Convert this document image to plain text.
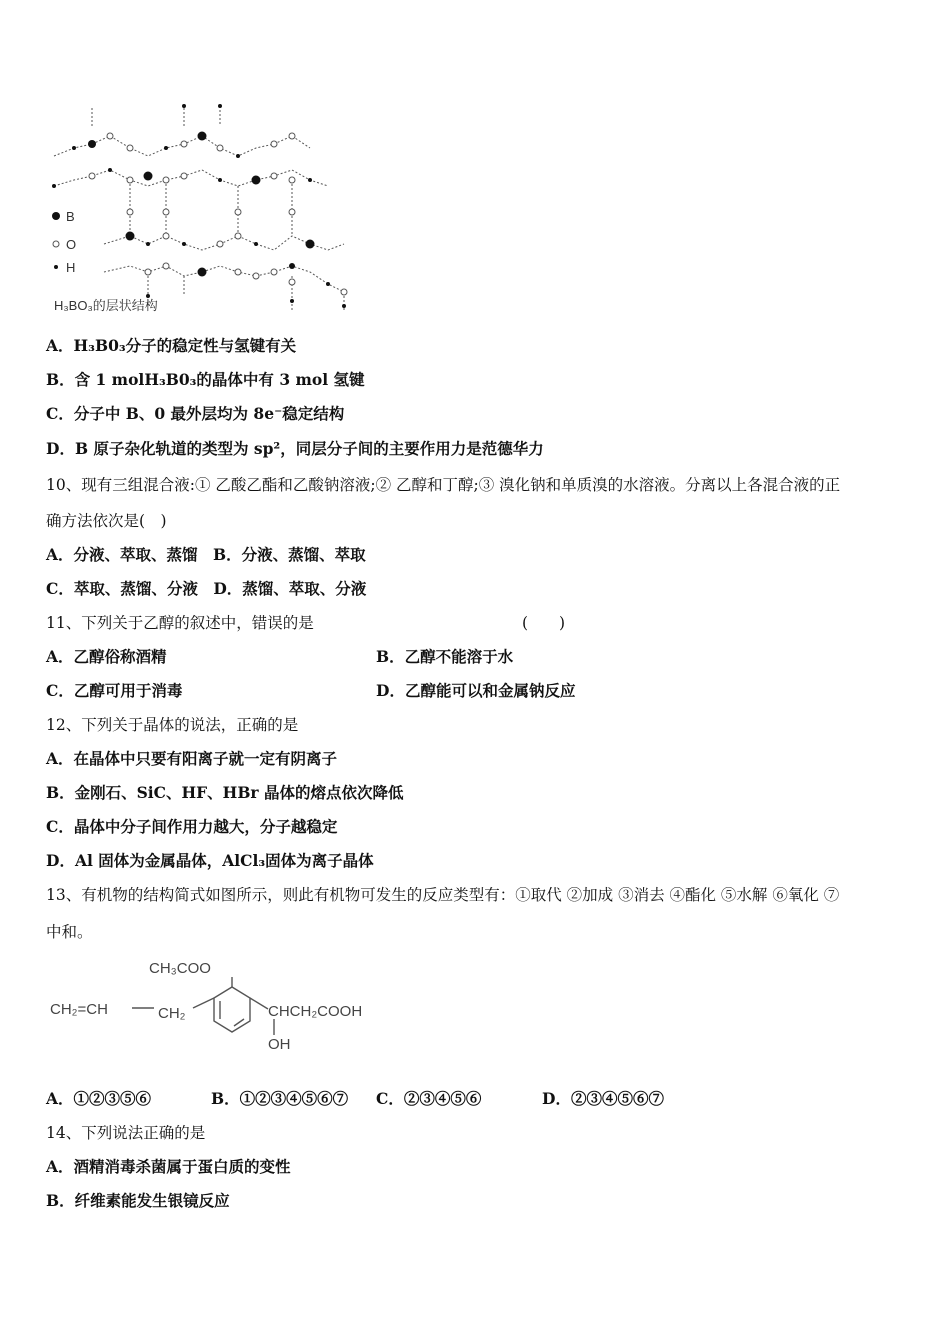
B
O
H
H₃BO₃的层状结构
A．H₃B0₃分子的稳定性与氢键有关
B．含 1 molH₃B0₃的晶体中有 3 mol 氢键
C．分子中 B、0 最外层均为 8e⁻稳定结构
D．B 原子杂化轨道的类型为 sp²，同层分子间的主要作用力是范德华力
10、现有三组混合液:① 乙酸乙酯和乙酸钠溶液;② 乙醇和丁醇;③ 溴化钠和单质溴的水溶液。分离以上各混合液的正
确方法依次是(　)
A．分液、萃取、蒸馏　B．分液、蒸馏、萃取
C．萃取、蒸馏、分液　D．蒸馏、萃取、分液
11、下列关于乙醇的叙述中，错误的是	(　　)
A．乙醇俗称酒精	B．乙醇不能溶于水
C．乙醇可用于消毒	D．乙醇能可以和金属钠反应
12、下列关于晶体的说法，正确的是
A．在晶体中只要有阳离子就一定有阴离子
B．金刚石、SiC、HF、HBr 晶体的熔点依次降低
C．晶体中分子间作用力越大，分子越稳定
D．Al 固体为金属晶体，AlCl₃固体为离子晶体
13、有机物的结构简式如图所示，则此有机物可发生的反应类型有：①取代 ②加成 ③消去 ④酯化 ⑤水解 ⑥氧化 ⑦
中和。
CH₃COO
CH₂=CH	CH₂	CHCH₂COOH
OH
A．①②③⑤⑥	B．①②③④⑤⑥⑦ C．②③④⑤⑥	D．②③④⑤⑥⑦
14、下列说法正确的是
A．酒精消毒杀菌属于蛋白质的变性
B．纤维素能发生银镜反应
